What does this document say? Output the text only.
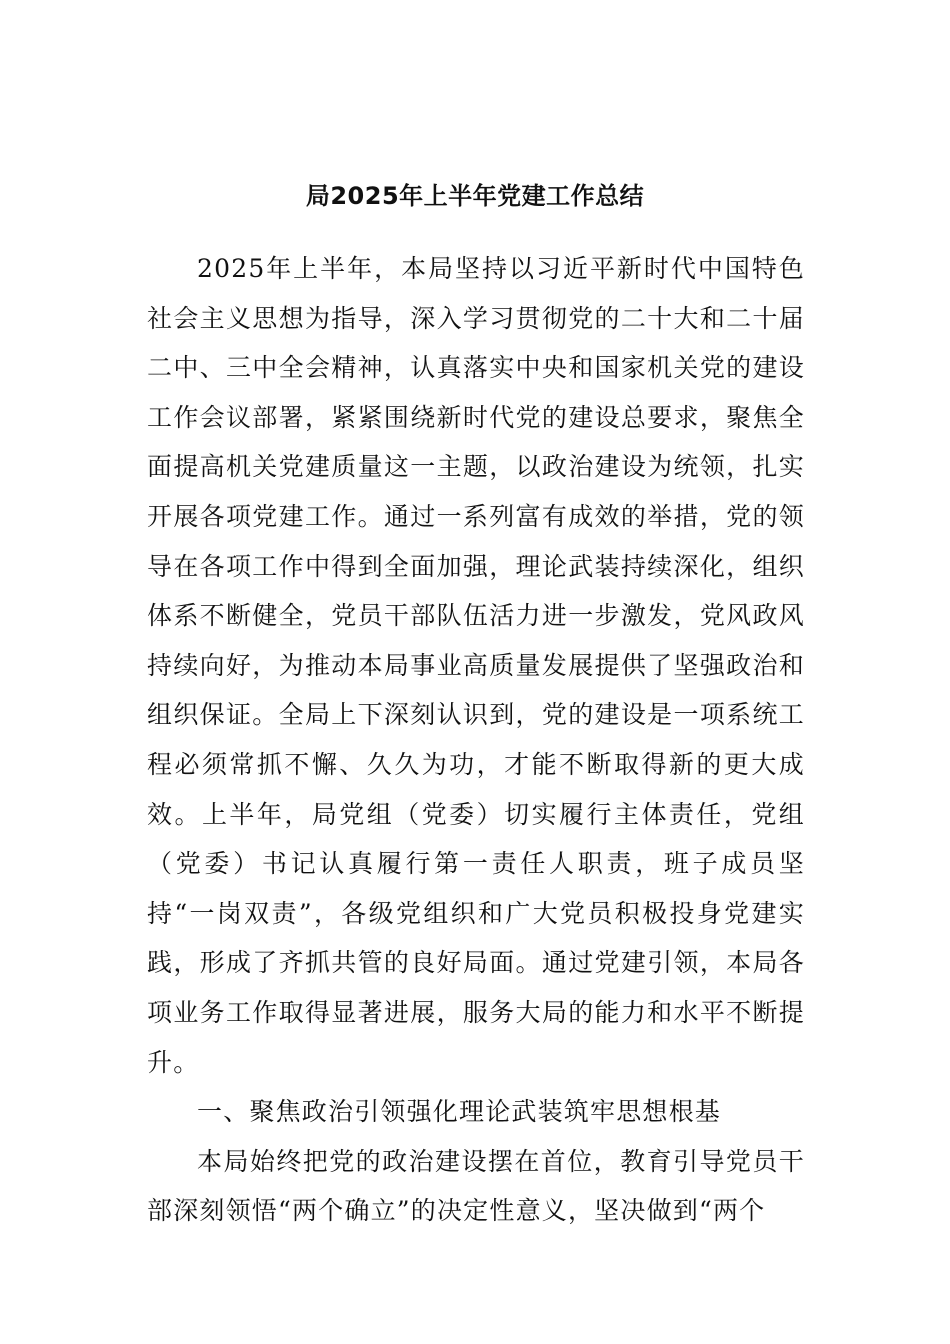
局2025年上半年党建工作总结

2025年上半年，本局坚持以习近平新时代中国特色社会主义思想为指导，深入学习贯彻党的二十大和二十届二中、三中全会精神，认真落实中央和国家机关党的建设工作会议部署，紧紧围绕新时代党的建设总要求，聚焦全面提高机关党建质量这一主题，以政治建设为统领，扎实开展各项党建工作。通过一系列富有成效的举措，党的领导在各项工作中得到全面加强，理论武装持续深化，组织体系不断健全，党员干部队伍活力进一步激发，党风政风持续向好，为推动本局事业高质量发展提供了坚强政治和组织保证。全局上下深刻认识到，党的建设是一项系统工程必须常抓不懈、久久为功，才能不断取得新的更大成效。上半年，局党组（党委）切实履行主体责任，党组（党委）书记认真履行第一责任人职责，班子成员坚持“一岗双责”，各级党组织和广大党员积极投身党建实践，形成了齐抓共管的良好局面。通过党建引领，本局各项业务工作取得显著进展，服务大局的能力和水平不断提升。

一、聚焦政治引领强化理论武装筑牢思想根基

本局始终把党的政治建设摆在首位，教育引导党员干部深刻领悟“两个确立”的决定性意义，坚决做到“两个
